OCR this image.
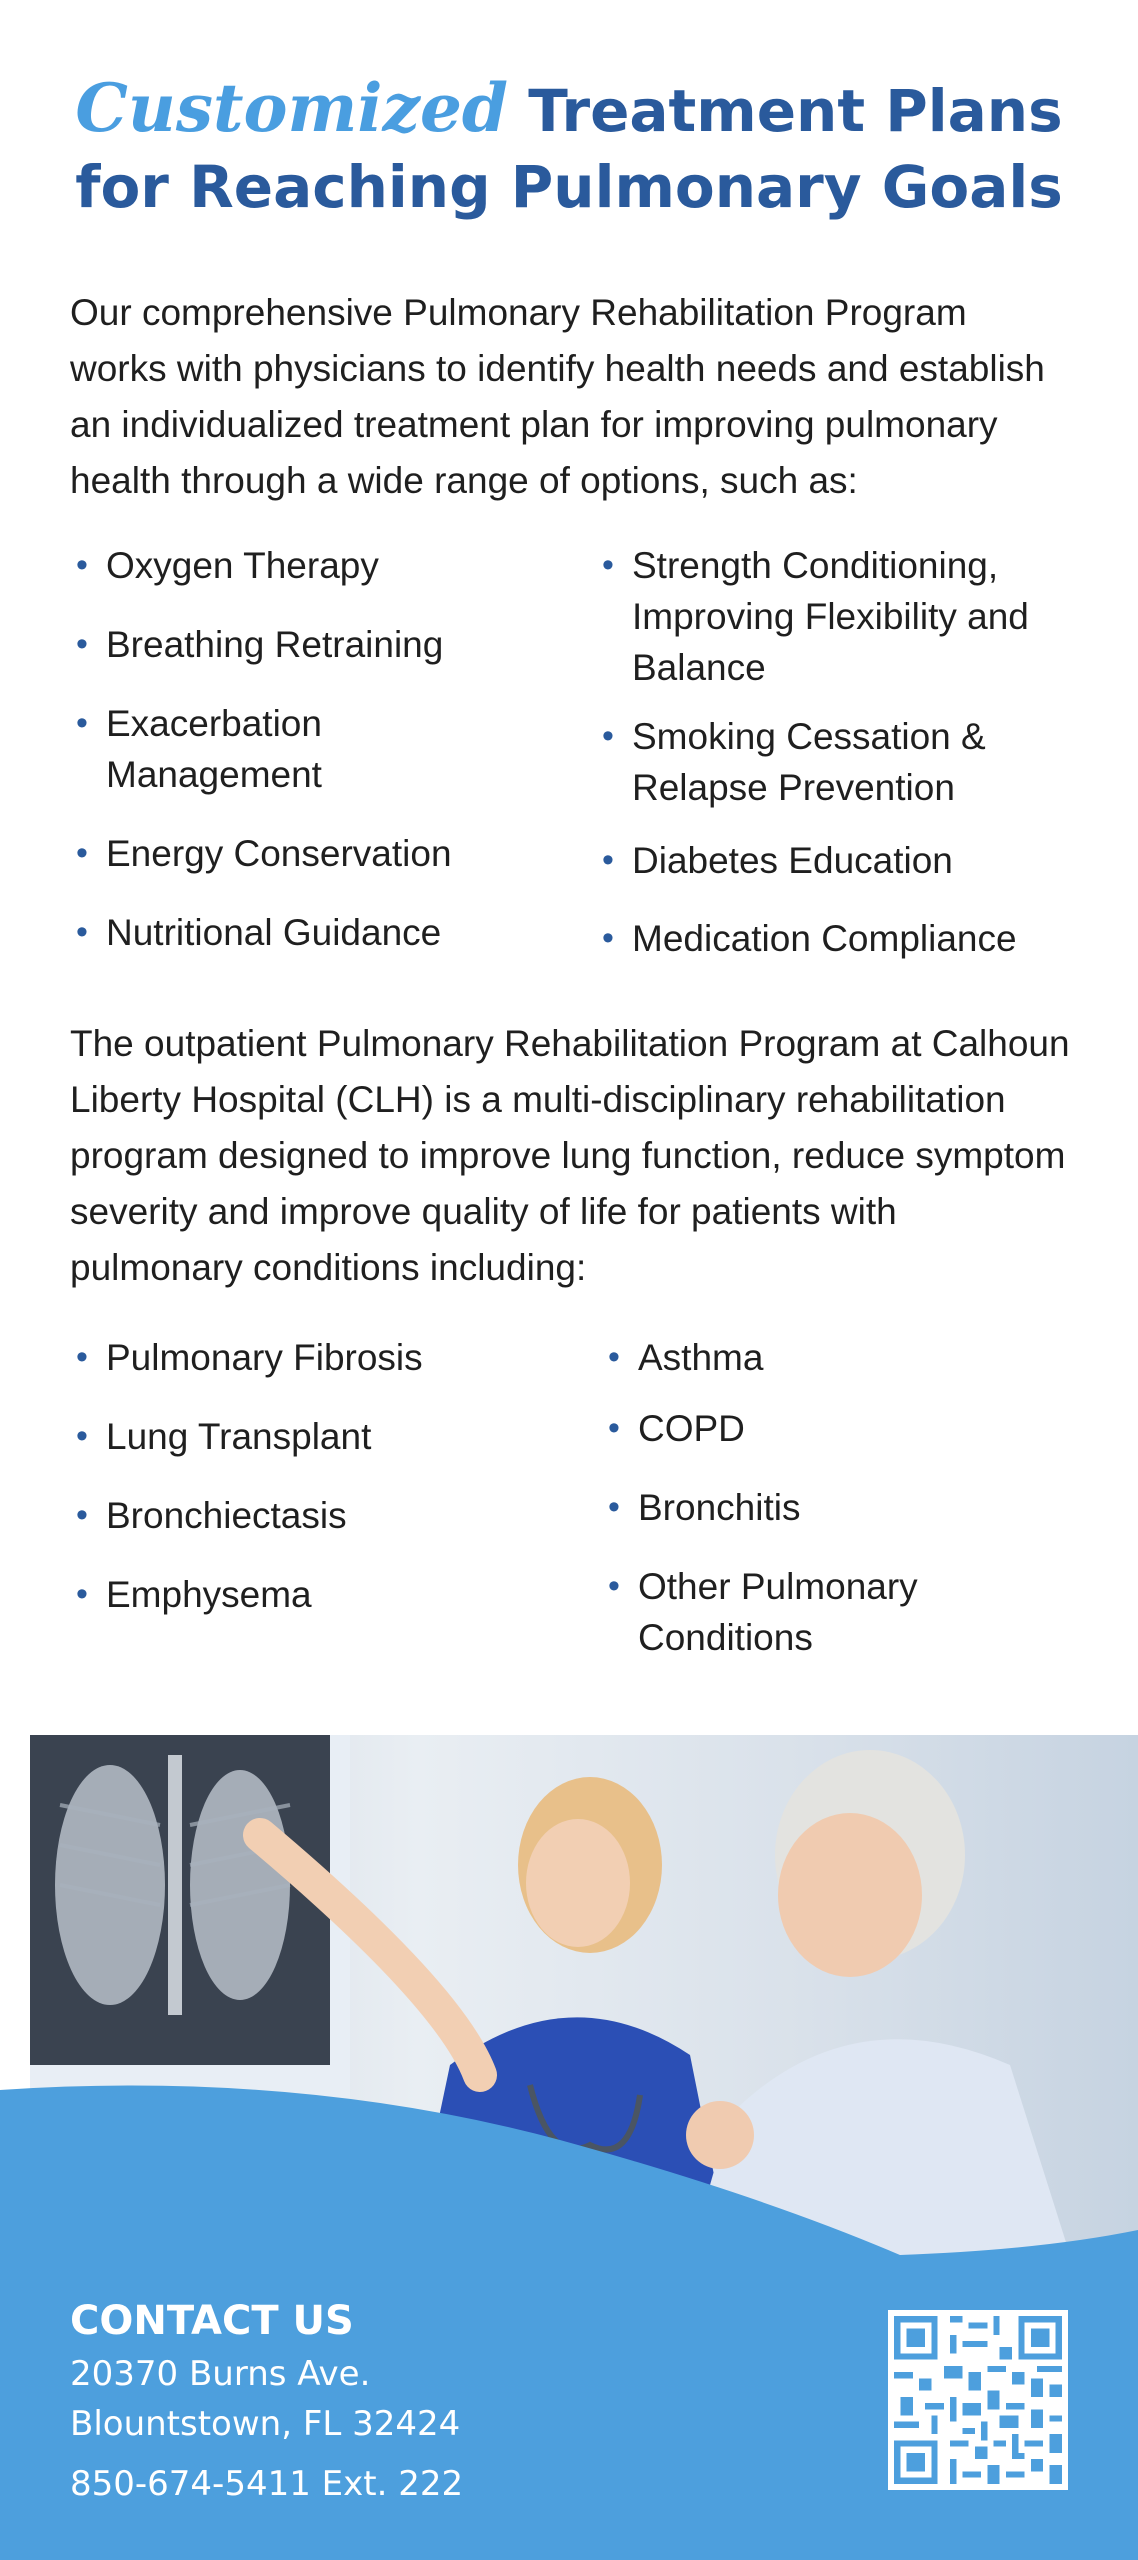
Customized Treatment Plans
for Reaching Pulmonary Goals
Our comprehensive Pulmonary Rehabilitation Program works with physicians to identify health needs and establish an individualized treatment plan for improving pulmonary health through a wide range of options, such as:
• Oxygen Therapy
• Breathing Retraining
• Exacerbation Management
• Energy Conservation
• Nutritional Guidance
• Strength Conditioning, Improving Flexibility and Balance
• Smoking Cessation & Relapse Prevention
• Diabetes Education
• Medication Compliance
The outpatient Pulmonary Rehabilitation Program at Calhoun Liberty Hospital (CLH) is a multi-disciplinary rehabilitation program designed to improve lung function, reduce symptom severity and improve quality of life for patients with pulmonary conditions including:
• Pulmonary Fibrosis
• Lung Transplant
• Bronchiectasis
• Emphysema
• Asthma
• COPD
• Bronchitis
• Other Pulmonary Conditions
CONTACT US
20370 Burns Ave.
Blountstown, FL 32424
850-674-5411 Ext. 222
